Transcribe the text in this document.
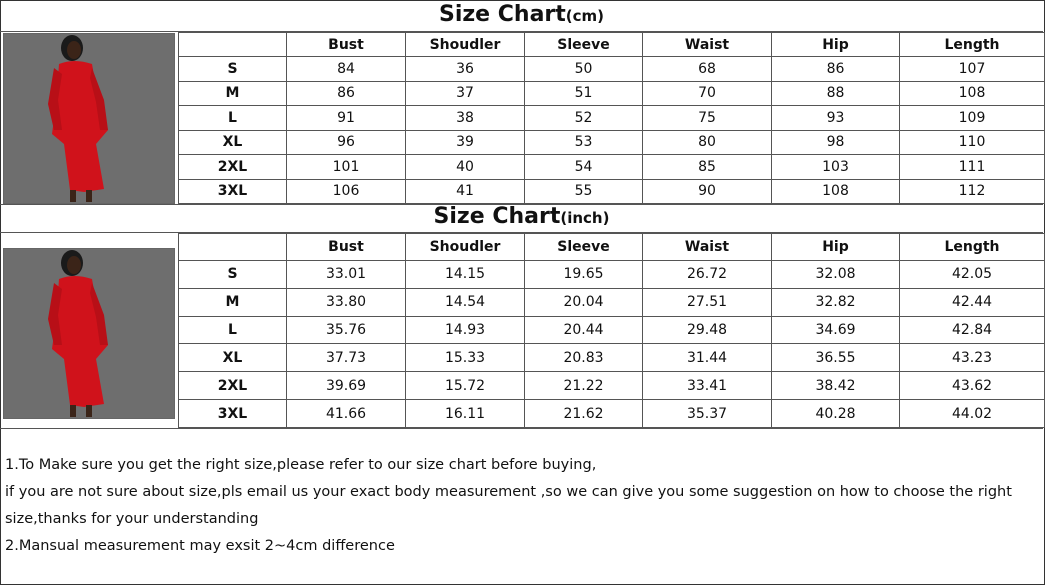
Size Chart(cm)
	Bust	Shoudler	Sleeve	Waist	Hip	Length
S	84	36	50	68	86	107
M	86	37	51	70	88	108
L	91	38	52	75	93	109
XL	96	39	53	80	98	110
2XL	101	40	54	85	103	111
3XL	106	41	55	90	108	112
Size Chart(inch)
	Bust	Shoudler	Sleeve	Waist	Hip	Length
S	33.01	14.15	19.65	26.72	32.08	42.05
M	33.80	14.54	20.04	27.51	32.82	42.44
L	35.76	14.93	20.44	29.48	34.69	42.84
XL	37.73	15.33	20.83	31.44	36.55	43.23
2XL	39.69	15.72	21.22	33.41	38.42	43.62
3XL	41.66	16.11	21.62	35.37	40.28	44.02
1.To Make sure you get the right size,please refer to our size chart before buying,
if you are not sure about size,pls email us your exact body measurement ,so we can give you some suggestion on how to choose the right
size,thanks for your understanding
2.Mansual measurement may exsit 2~4cm difference
